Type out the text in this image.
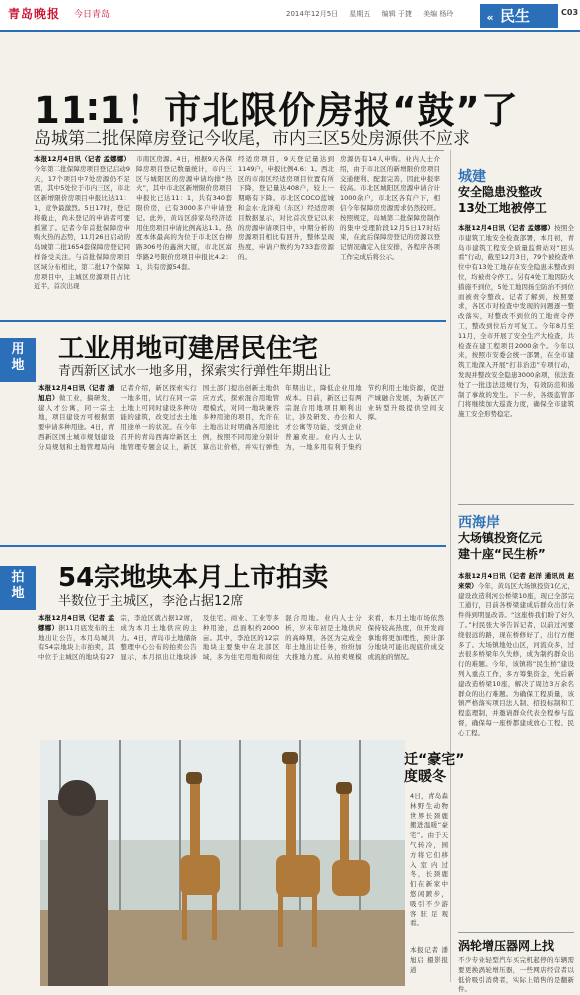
青岛晚报 今日青岛	2014年12月5日 星期五 编辑 于捷 美编 杨玲	« 民生	C03
11∶1！市北限价房报“鼓”了
岛城第二批保障房登记今收尾，市内三区5处房源供不应求
本报12月4日讯（记者 孟娜娜）今年第二批保障房项目登记启动9天，17个项目中7处房源仍不足需，其中5处位于市内三区，市北区新增限价房项目申报比达11：1，竞争最激烈。5日17时，登记将截止，尚未登记的申请者可要抓紧了。记者今年首批保障房申购火热的态势，11月26日启动的岛城第二批1654套保障房登记同样备受关注。与首批保障房项目区域分布相比，第二批17个保障房项目中，主城区房源项目占比近半，首次出现
市南区房源。4日，根据9天各保障房项目登记数量统计，市内三区与城阳区的房源申请均排“热火”，其中市北区新增限价房项目申报比已达11：1，共有340套限价房，已有3000多户申请登记。此外，黄岛区薛家岛经济适用住房项目申请比例高达1.1。热度本体最高的为位于市北区台柳路306号的鑫洲大厦，市北区富华路2号限价房项目申报比4.2：1，共有房源54套。
经适房项目，9天登记量达到1149户，申报比例4.6：1。西北区的市南区经适房项目位置有所下降，登记量达408户，较上一期略有下降。市北区COCO蓝城和金水·龙泽苑（东区）经适房项目数据显示，对比首次登记以来的房源申请项目中，中期分析的房源项目相比有回升，整体呈现热度，申请户数约为733套房源的。
房源仍有14人申购。业内人士介绍，由于市北区的新增限价房项目交通便利、配套完善，因此申报率较高。市北区城阳区房源申请合计1000余户，市北区各有户下，相信今年保障房房源需求仍然较旺。按照规定，岛城第二批保障房制作的集中受理阶段12月5日17时结束，在此后保障房登记的房源以登记情况确定入住安排，各程序各项工作完成后将公示。
城建
安全隐患没整改
13处工地被停工
本报12月4日讯（记者 孟娜娜）按照全市建筑工地安全检查部署，本月初，青岛市建筑工程安全质量监督站对“回头看”行动，截至12月3日，79个被检查单位中有13处工地存在安全隐患未整改到位，均被责令停工。另有4处工地因防火措施不到位，5处工地因扬尘防治不到位而被责令整改。记者了解到，按照要求，各区市对检查中发现的问题逐一整改落实，对整改不到位的工地责令停工，整改到位后方可复工。今年8月至11月，全市开展了安全生产大检查，共检查在建工程项目2000余个。今年以来，按照市安委会统一部署，在全市建筑工地深入开展“打非治违”专项行动，发现并整改安全隐患3000余项，依法查处了一批违法违规行为，有效防范和遏制了事故的发生。下一步，各级监管部门将继续加大巡查力度，确保全市建筑施工安全形势稳定。
西海岸
大场镇投资亿元
建十座“民生桥”
本报12月4日讯（记者 赵洋 通讯员 赵来荣）今年，黄岛区大场镇投资1亿元，建设改造利河公桥梁10座，现已全部完工通行，目前各桥梁建成后群众出行条件得到明显改善。“这座桥我们盼了好久了。”村民张大爷告诉记者，以前过河要绕很远的路，现在桥修好了，出行方便多了。大场镇地处山区，河流众多，过去很多桥梁年久失修，成为制约群众出行的难题。今年，该镇将“民生桥”建设列入重点工作，多方筹集资金，先后新建改造桥梁10座，解决了周边3万余名群众的出行难题。为确保工程质量，该镇严格落实项目法人制、招投标制和工程监理制，并邀请群众代表全程参与监督，确保每一座桥都建成放心工程、民心工程。
涡轮增压器网上找
不少专业轻型汽车买完机起停的车辆需要更换涡轮增压器，一些网店经营者以低价吸引消费者，实际上销售的是翻新件。
用地
工业用地可建居民住宅
青西新区试水一地多用，探索实行弹性年期出让
本报12月4日讯（记者 潘旭启）做工业，搞研发，建人才公寓，同一宗土地，项目建设方可根据需要申请多种用途。4日，青西新区国土城市规划建设分局规划和土地管理局向记者介绍，新区探索实行一地多用，试行在同一宗土地上可同时建设多种功能的建筑，改变过去土地用途单一的状况。在今年召开的青岛西海岸新区土地管理专题会议上，新区国土部门提出创新土地供应方式，探索混合用地管理模式，对同一地块兼容多种用途的项目，允许在土地出让时明确各用途比例，按照不同用途分别计算出让价格，并实行弹性年期出让，降低企业用地成本。目前，新区已有两宗混合用地项目顺利出让，涉及研发、办公和人才公寓等功能，受到企业普遍欢迎。业内人士认为，一地多用有利于集约节约利用土地资源，促进产城融合发展，为新区产业转型升级提供空间支撑。
拍地
54宗地块本月上市拍卖
半数位于主城区，李沧占据12席
本报12月4日讯（记者 孟娜娜）据11月底发布的土地出让公告，本月岛城共有54宗地块上市拍卖，其中位于主城区的地块有27宗，李沧区就占据12席，成为本月土地供应的主力。4日，青岛市土地储备整理中心公布的拍卖公告显示，本月拟出让地块涉及住宅、商业、工业等多种用途，总面积约2000亩。其中，李沧区的12宗地块主要集中在北部区域，多为住宅用地和商住混合用地。业内人士分析，岁末年初是土地供应的高峰期，各区为完成全年土地出让任务，纷纷加大推地力度。从拍卖规模来看，本月土地市场依然保持较高热度，但开发商拿地将更加理性，预计部分地块可能出现底价成交或流拍的情况。
迁“豪宅”
度暖冬
4日，青岛森林野生动物世界长颈鹿搬进温暖“豪宅”。由于天气转冷，园方将它们移入室内过冬，长颈鹿们在新家中悠闲踱步，吸引不少游客驻足观看。
本报记者 潘旭启 摄影报道
